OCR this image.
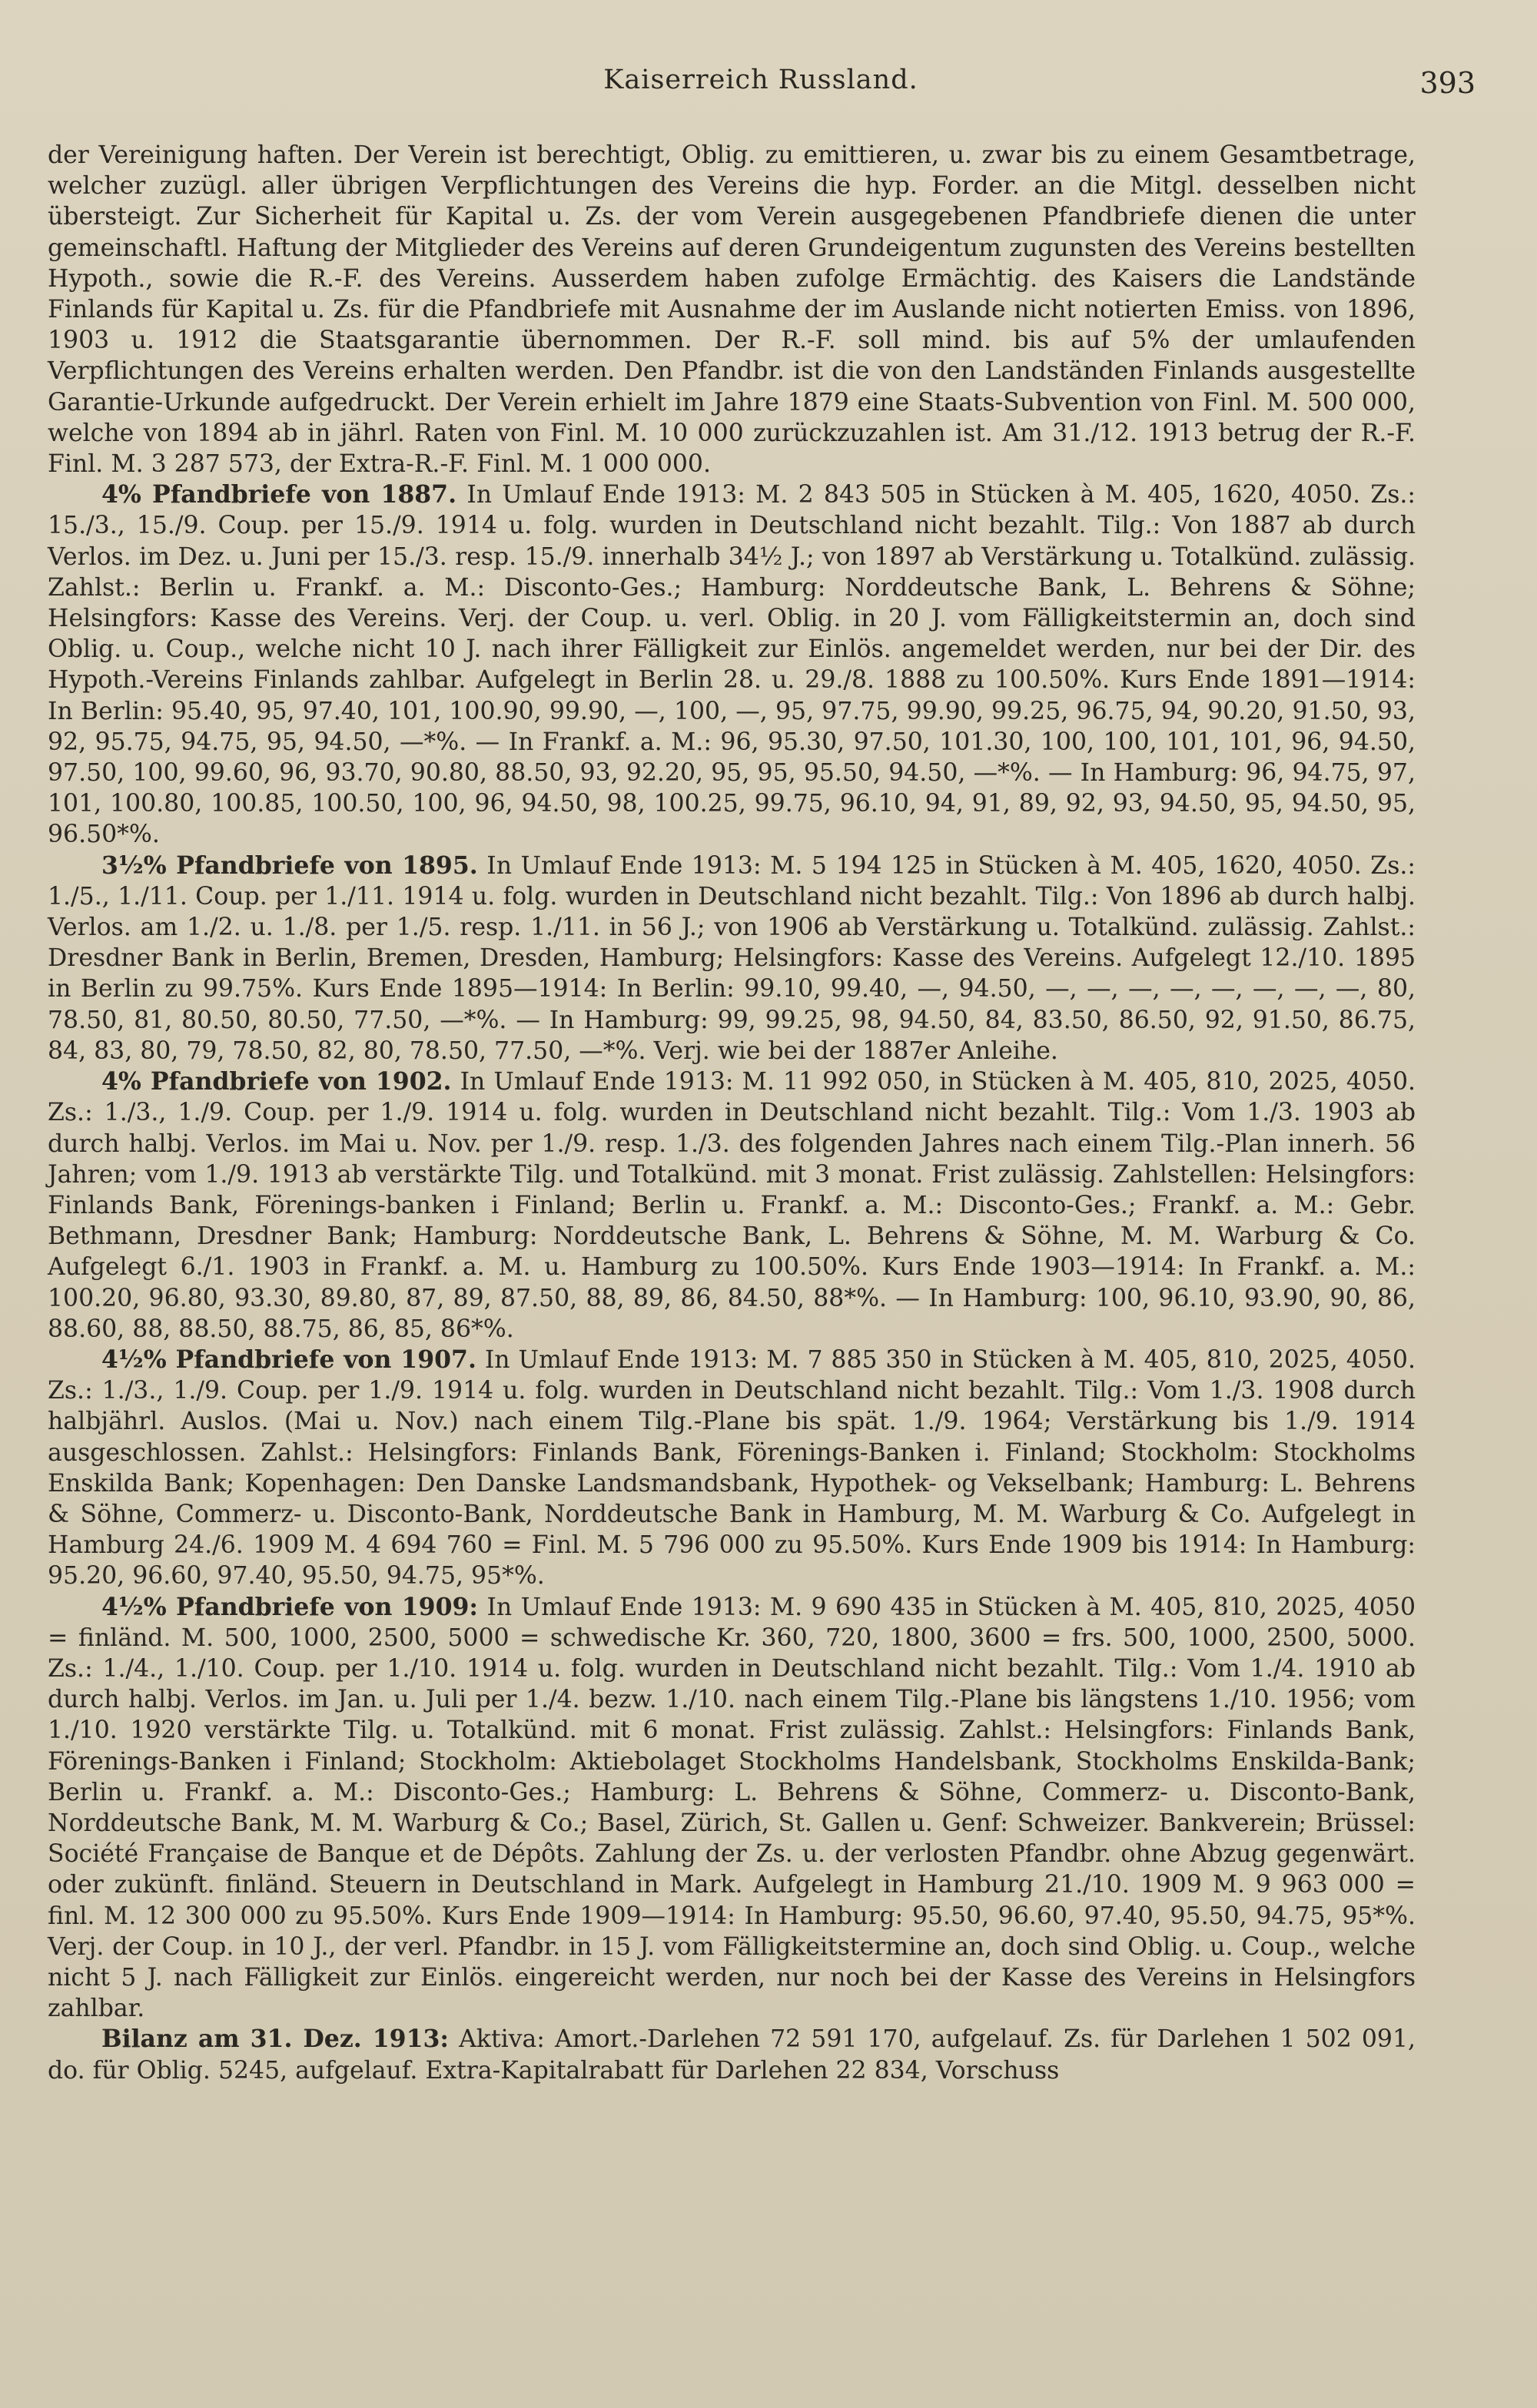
Kaiserreich Russland.	393

der Vereinigung haften. Der Verein ist berechtigt, Oblig. zu emittieren, u. zwar bis zu einem Gesamtbetrage, welcher zuzügl. aller übrigen Verpflichtungen des Vereins die hyp. Forder. an die Mitgl. desselben nicht übersteigt. Zur Sicherheit für Kapital u. Zs. der vom Verein ausgegebenen Pfandbriefe dienen die unter gemeinschaftl. Haftung der Mitglieder des Vereins auf deren Grundeigentum zugunsten des Vereins bestellten Hypoth., sowie die R.-F. des Vereins. Ausserdem haben zufolge Ermächtig. des Kaisers die Landstände Finlands für Kapital u. Zs. für die Pfandbriefe mit Ausnahme der im Auslande nicht notierten Emiss. von 1896, 1903 u. 1912 die Staatsgarantie übernommen. Der R.-F. soll mind. bis auf 5% der umlaufenden Verpflichtungen des Vereins erhalten werden. Den Pfandbr. ist die von den Landständen Finlands ausgestellte Garantie-Urkunde aufgedruckt. Der Verein erhielt im Jahre 1879 eine Staats-Subvention von Finl. M. 500 000, welche von 1894 ab in jährl. Raten von Finl. M. 10 000 zurückzuzahlen ist. Am 31./12. 1913 betrug der R.-F. Finl. M. 3 287 573, der Extra-R.-F. Finl. M. 1 000 000.

4% Pfandbriefe von 1887. In Umlauf Ende 1913: M. 2 843 505 in Stücken à M. 405, 1620, 4050. Zs.: 15./3., 15./9. Coup. per 15./9. 1914 u. folg. wurden in Deutschland nicht bezahlt. Tilg.: Von 1887 ab durch Verlos. im Dez. u. Juni per 15./3. resp. 15./9. innerhalb 34½ J.; von 1897 ab Verstärkung u. Totalkünd. zulässig. Zahlst.: Berlin u. Frankf. a. M.: Disconto-Ges.; Hamburg: Norddeutsche Bank, L. Behrens & Söhne; Helsingfors: Kasse des Vereins. Verj. der Coup. u. verl. Oblig. in 20 J. vom Fälligkeitstermin an, doch sind Oblig. u. Coup., welche nicht 10 J. nach ihrer Fälligkeit zur Einlös. angemeldet werden, nur bei der Dir. des Hypoth.-Vereins Finlands zahlbar. Aufgelegt in Berlin 28. u. 29./8. 1888 zu 100.50%. Kurs Ende 1891—1914: In Berlin: 95.40, 95, 97.40, 101, 100.90, 99.90, —, 100, —, 95, 97.75, 99.90, 99.25, 96.75, 94, 90.20, 91.50, 93, 92, 95.75, 94.75, 95, 94.50, —*%. — In Frankf. a. M.: 96, 95.30, 97.50, 101.30, 100, 100, 101, 101, 96, 94.50, 97.50, 100, 99.60, 96, 93.70, 90.80, 88.50, 93, 92.20, 95, 95, 95.50, 94.50, —*%. — In Hamburg: 96, 94.75, 97, 101, 100.80, 100.85, 100.50, 100, 96, 94.50, 98, 100.25, 99.75, 96.10, 94, 91, 89, 92, 93, 94.50, 95, 94.50, 95, 96.50*%.

3½% Pfandbriefe von 1895. In Umlauf Ende 1913: M. 5 194 125 in Stücken à M. 405, 1620, 4050. Zs.: 1./5., 1./11. Coup. per 1./11. 1914 u. folg. wurden in Deutschland nicht bezahlt. Tilg.: Von 1896 ab durch halbj. Verlos. am 1./2. u. 1./8. per 1./5. resp. 1./11. in 56 J.; von 1906 ab Verstärkung u. Totalkünd. zulässig. Zahlst.: Dresdner Bank in Berlin, Bremen, Dresden, Hamburg; Helsingfors: Kasse des Vereins. Aufgelegt 12./10. 1895 in Berlin zu 99.75%. Kurs Ende 1895—1914: In Berlin: 99.10, 99.40, —, 94.50, —, —, —, —, —, —, —, —, 80, 78.50, 81, 80.50, 80.50, 77.50, —*%. — In Hamburg: 99, 99.25, 98, 94.50, 84, 83.50, 86.50, 92, 91.50, 86.75, 84, 83, 80, 79, 78.50, 82, 80, 78.50, 77.50, —*%. Verj. wie bei der 1887er Anleihe.

4% Pfandbriefe von 1902. In Umlauf Ende 1913: M. 11 992 050, in Stücken à M. 405, 810, 2025, 4050. Zs.: 1./3., 1./9. Coup. per 1./9. 1914 u. folg. wurden in Deutschland nicht bezahlt. Tilg.: Vom 1./3. 1903 ab durch halbj. Verlos. im Mai u. Nov. per 1./9. resp. 1./3. des folgenden Jahres nach einem Tilg.-Plan innerh. 56 Jahren; vom 1./9. 1913 ab verstärkte Tilg. und Totalkünd. mit 3 monat. Frist zulässig. Zahlstellen: Helsingfors: Finlands Bank, Förenings-banken i Finland; Berlin u. Frankf. a. M.: Disconto-Ges.; Frankf. a. M.: Gebr. Bethmann, Dresdner Bank; Hamburg: Norddeutsche Bank, L. Behrens & Söhne, M. M. Warburg & Co. Aufgelegt 6./1. 1903 in Frankf. a. M. u. Hamburg zu 100.50%. Kurs Ende 1903—1914: In Frankf. a. M.: 100.20, 96.80, 93.30, 89.80, 87, 89, 87.50, 88, 89, 86, 84.50, 88*%. — In Hamburg: 100, 96.10, 93.90, 90, 86, 88.60, 88, 88.50, 88.75, 86, 85, 86*%.

4½% Pfandbriefe von 1907. In Umlauf Ende 1913: M. 7 885 350 in Stücken à M. 405, 810, 2025, 4050. Zs.: 1./3., 1./9. Coup. per 1./9. 1914 u. folg. wurden in Deutschland nicht bezahlt. Tilg.: Vom 1./3. 1908 durch halbjährl. Auslos. (Mai u. Nov.) nach einem Tilg.-Plane bis spät. 1./9. 1964; Verstärkung bis 1./9. 1914 ausgeschlossen. Zahlst.: Helsingfors: Finlands Bank, Förenings-Banken i. Finland; Stockholm: Stockholms Enskilda Bank; Kopenhagen: Den Danske Landsmandsbank, Hypothek- og Vekselbank; Hamburg: L. Behrens & Söhne, Commerz- u. Disconto-Bank, Norddeutsche Bank in Hamburg, M. M. Warburg & Co. Aufgelegt in Hamburg 24./6. 1909 M. 4 694 760 = Finl. M. 5 796 000 zu 95.50%. Kurs Ende 1909 bis 1914: In Hamburg: 95.20, 96.60, 97.40, 95.50, 94.75, 95*%.

4½% Pfandbriefe von 1909: In Umlauf Ende 1913: M. 9 690 435 in Stücken à M. 405, 810, 2025, 4050 = finländ. M. 500, 1000, 2500, 5000 = schwedische Kr. 360, 720, 1800, 3600 = frs. 500, 1000, 2500, 5000. Zs.: 1./4., 1./10. Coup. per 1./10. 1914 u. folg. wurden in Deutschland nicht bezahlt. Tilg.: Vom 1./4. 1910 ab durch halbj. Verlos. im Jan. u. Juli per 1./4. bezw. 1./10. nach einem Tilg.-Plane bis längstens 1./10. 1956; vom 1./10. 1920 verstärkte Tilg. u. Totalkünd. mit 6 monat. Frist zulässig. Zahlst.: Helsingfors: Finlands Bank, Förenings-Banken i Finland; Stockholm: Aktiebolaget Stockholms Handelsbank, Stockholms Enskilda-Bank; Berlin u. Frankf. a. M.: Disconto-Ges.; Hamburg: L. Behrens & Söhne, Commerz- u. Disconto-Bank, Norddeutsche Bank, M. M. Warburg & Co.; Basel, Zürich, St. Gallen u. Genf: Schweizer. Bankverein; Brüssel: Société Française de Banque et de Dépôts. Zahlung der Zs. u. der verlosten Pfandbr. ohne Abzug gegenwärt. oder zukünft. finländ. Steuern in Deutschland in Mark. Aufgelegt in Hamburg 21./10. 1909 M. 9 963 000 = finl. M. 12 300 000 zu 95.50%. Kurs Ende 1909—1914: In Hamburg: 95.50, 96.60, 97.40, 95.50, 94.75, 95*%. Verj. der Coup. in 10 J., der verl. Pfandbr. in 15 J. vom Fälligkeitstermine an, doch sind Oblig. u. Coup., welche nicht 5 J. nach Fälligkeit zur Einlös. eingereicht werden, nur noch bei der Kasse des Vereins in Helsingfors zahlbar.

Bilanz am 31. Dez. 1913: Aktiva: Amort.-Darlehen 72 591 170, aufgelauf. Zs. für Darlehen 1 502 091, do. für Oblig. 5245, aufgelauf. Extra-Kapitalrabatt für Darlehen 22 834, Vorschuss
